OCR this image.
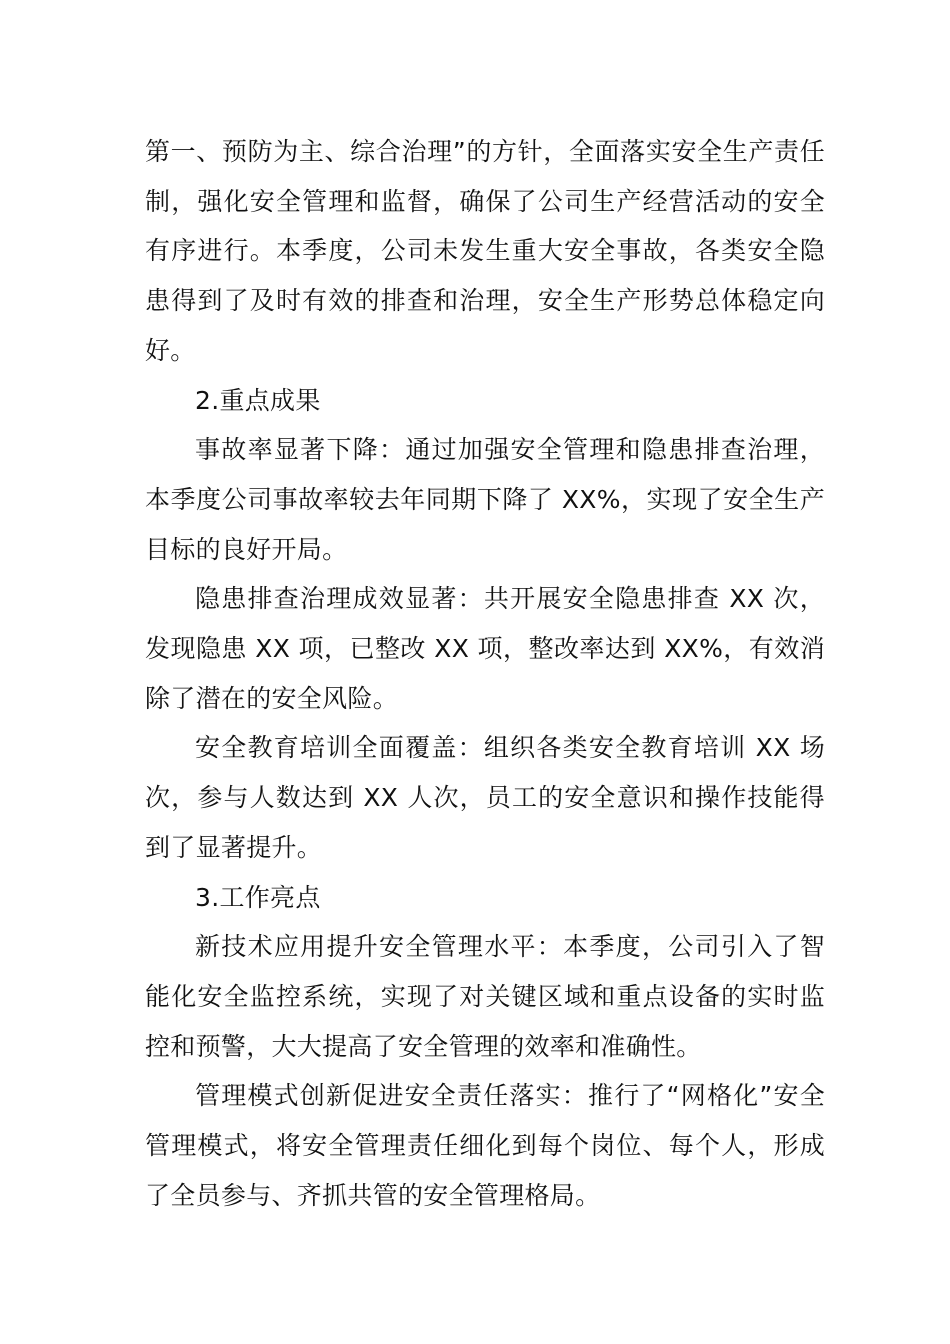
第一、预防为主、综合治理”的方针，全面落实安全生产责任制，强化安全管理和监督，确保了公司生产经营活动的安全有序进行。本季度，公司未发生重大安全事故，各类安全隐患得到了及时有效的排查和治理，安全生产形势总体稳定向好。

2.重点成果

事故率显著下降：通过加强安全管理和隐患排查治理，本季度公司事故率较去年同期下降了 XX%，实现了安全生产目标的良好开局。

隐患排查治理成效显著：共开展安全隐患排查 XX 次，发现隐患 XX 项，已整改 XX 项，整改率达到 XX%，有效消除了潜在的安全风险。

安全教育培训全面覆盖：组织各类安全教育培训 XX 场次，参与人数达到 XX 人次，员工的安全意识和操作技能得到了显著提升。

3.工作亮点

新技术应用提升安全管理水平：本季度，公司引入了智能化安全监控系统，实现了对关键区域和重点设备的实时监控和预警，大大提高了安全管理的效率和准确性。

管理模式创新促进安全责任落实：推行了“网格化”安全管理模式，将安全管理责任细化到每个岗位、每个人，形成了全员参与、齐抓共管的安全管理格局。
